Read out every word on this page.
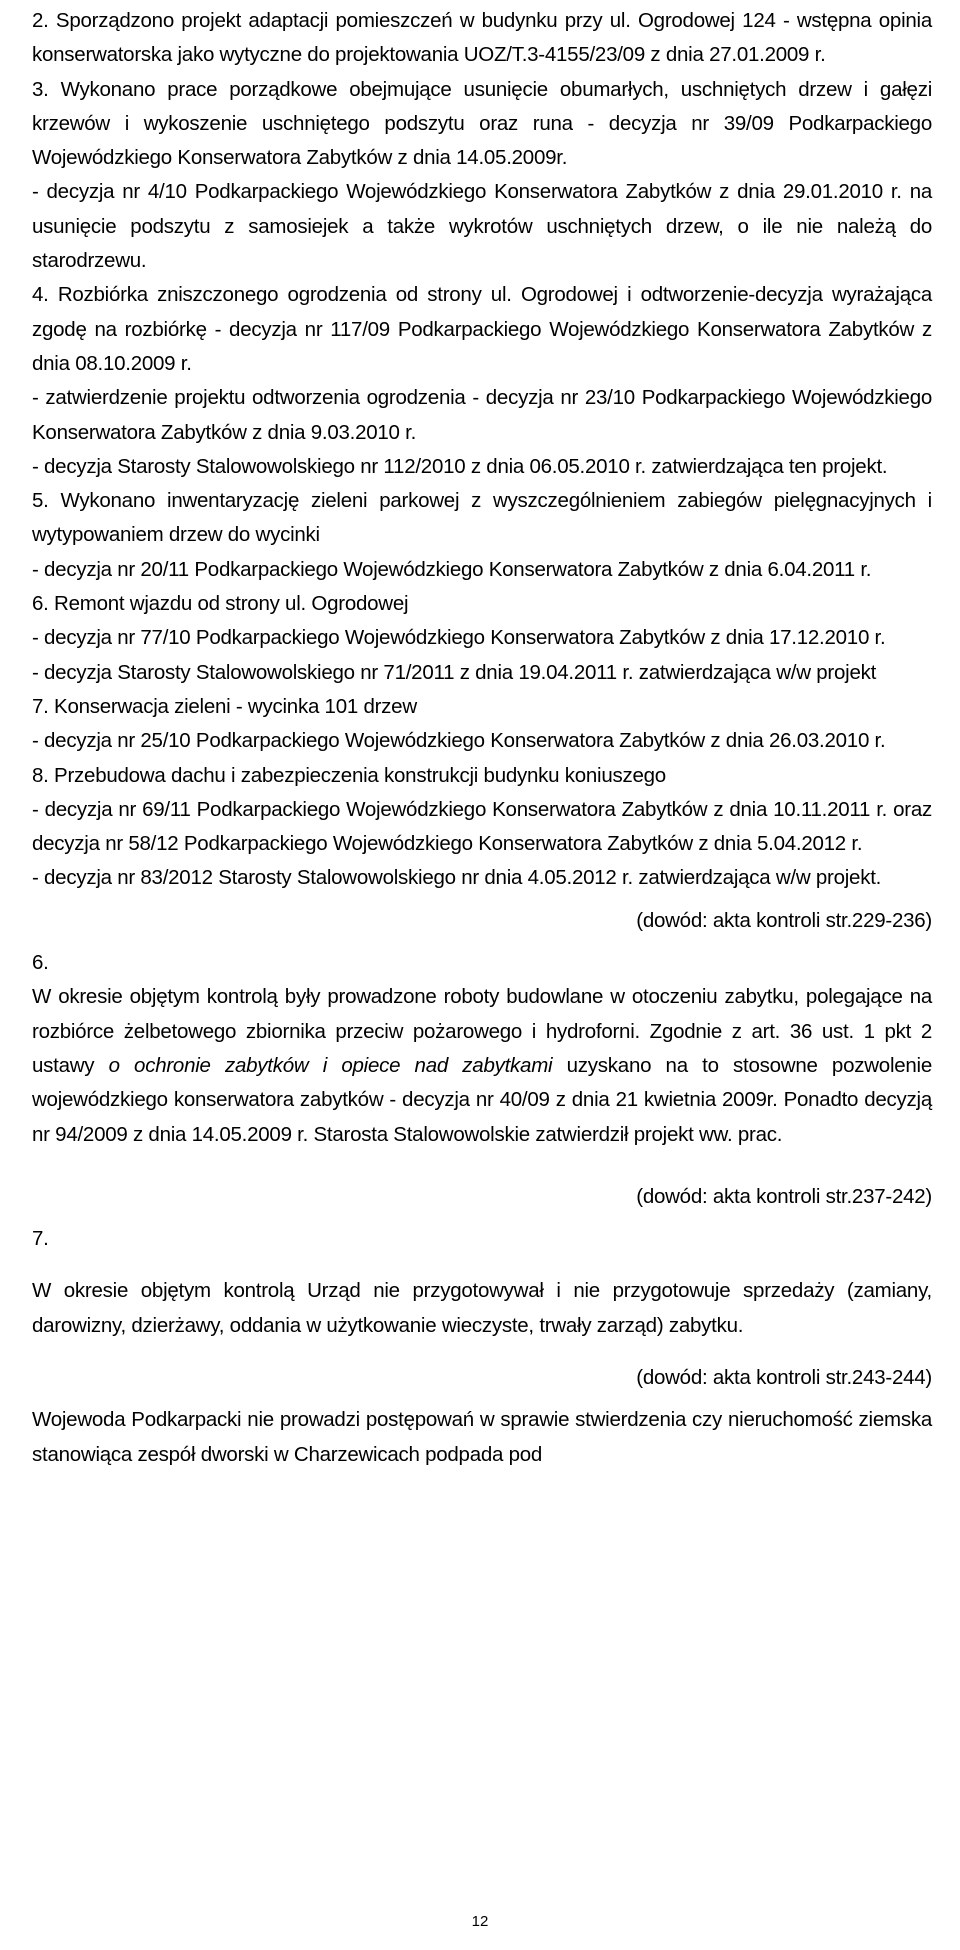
2. Sporządzono projekt adaptacji pomieszczeń w budynku przy ul. Ogrodowej 124 - wstępna opinia konserwatorska jako wytyczne do projektowania UOZ/T.3-4155/23/09 z dnia 27.01.2009 r.

3. Wykonano prace porządkowe obejmujące usunięcie obumarłych, uschniętych drzew i gałęzi krzewów i wykoszenie uschniętego podszytu oraz runa - decyzja nr 39/09 Podkarpackiego Wojewódzkiego Konserwatora Zabytków z dnia 14.05.2009r.

- decyzja nr 4/10 Podkarpackiego Wojewódzkiego Konserwatora Zabytków z dnia 29.01.2010 r. na usunięcie podszytu z samosiejek a także wykrotów uschniętych drzew, o ile nie należą do starodrzewu.

4. Rozbiórka zniszczonego ogrodzenia od strony ul. Ogrodowej i odtworzenie-decyzja wyrażająca zgodę na rozbiórkę - decyzja nr 117/09 Podkarpackiego Wojewódzkiego Konserwatora Zabytków z dnia 08.10.2009 r.

- zatwierdzenie projektu odtworzenia ogrodzenia - decyzja nr 23/10 Podkarpackiego Wojewódzkiego Konserwatora Zabytków z dnia 9.03.2010 r.

- decyzja Starosty Stalowowolskiego nr 112/2010 z dnia 06.05.2010 r. zatwierdzająca ten projekt.

5. Wykonano inwentaryzację zieleni parkowej z wyszczególnieniem zabiegów pielęgnacyjnych i wytypowaniem drzew do wycinki

- decyzja nr 20/11 Podkarpackiego Wojewódzkiego Konserwatora Zabytków z dnia 6.04.2011 r.

6. Remont wjazdu od strony ul. Ogrodowej

- decyzja nr 77/10 Podkarpackiego Wojewódzkiego Konserwatora Zabytków z dnia 17.12.2010 r.

- decyzja Starosty Stalowowolskiego nr 71/2011 z dnia 19.04.2011 r. zatwierdzająca w/w projekt

7. Konserwacja zieleni - wycinka 101 drzew

- decyzja nr 25/10 Podkarpackiego Wojewódzkiego Konserwatora Zabytków z dnia 26.03.2010 r.

8. Przebudowa dachu i zabezpieczenia konstrukcji budynku koniuszego

- decyzja nr 69/11 Podkarpackiego Wojewódzkiego Konserwatora Zabytków z dnia 10.11.2011 r. oraz decyzja nr 58/12 Podkarpackiego Wojewódzkiego Konserwatora Zabytków z dnia 5.04.2012 r.

- decyzja nr 83/2012 Starosty Stalowowolskiego nr dnia 4.05.2012 r. zatwierdzająca w/w projekt.

(dowód: akta kontroli str.229-236)

6.

W okresie objętym kontrolą były prowadzone roboty budowlane w otoczeniu zabytku, polegające na rozbiórce żelbetowego zbiornika przeciw pożarowego i hydroforni. Zgodnie z art. 36 ust. 1 pkt 2 ustawy o ochronie zabytków i opiece nad zabytkami uzyskano na to stosowne pozwolenie wojewódzkiego konserwatora zabytków - decyzja nr 40/09 z dnia 21 kwietnia 2009r. Ponadto decyzją nr 94/2009 z dnia 14.05.2009 r. Starosta Stalowowolskie zatwierdził projekt ww. prac.

(dowód: akta kontroli str.237-242)

7.

W okresie objętym kontrolą Urząd nie przygotowywał i nie przygotowuje sprzedaży (zamiany, darowizny, dzierżawy, oddania w użytkowanie wieczyste, trwały zarząd) zabytku.

(dowód: akta kontroli str.243-244)

Wojewoda Podkarpacki nie prowadzi postępowań w sprawie stwierdzenia czy nieruchomość ziemska stanowiąca zespół dworski w Charzewicach podpada pod

12
